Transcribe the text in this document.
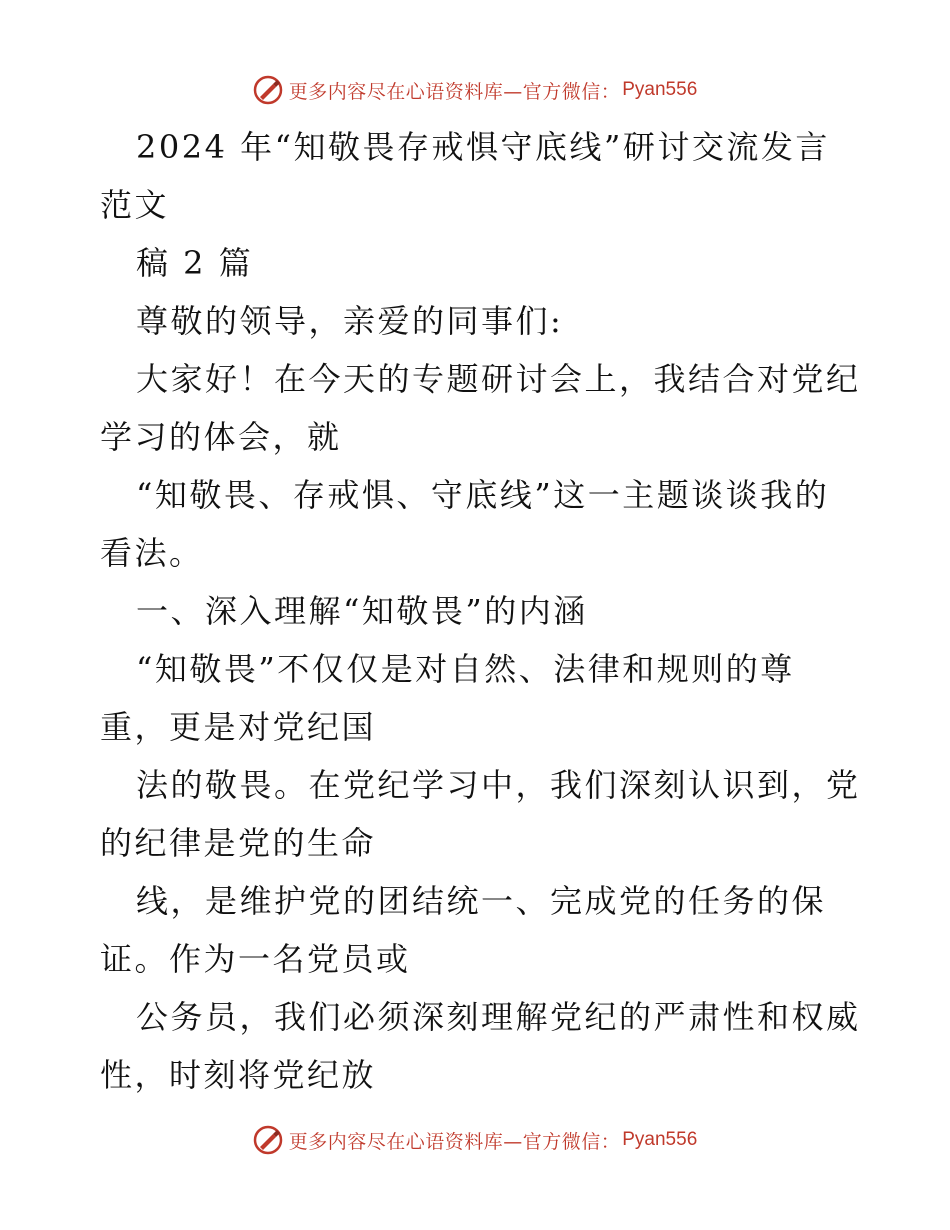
更多内容尽在心语资料库—官方微信： Pyan556

2024 年“知敬畏存戒惧守底线”研讨交流发言

范文

稿 2 篇

尊敬的领导，亲爱的同事们:

大家好！在今天的专题研讨会上，我结合对党纪

学习的体会，就

“知敬畏、存戒惧、守底线”这一主题谈谈我的

看法。

一、深入理解“知敬畏”的内涵

“知敬畏”不仅仅是对自然、法律和规则的尊

重，更是对党纪国

法的敬畏。在党纪学习中，我们深刻认识到，党

的纪律是党的生命

线，是维护党的团结统一、完成党的任务的保

证。作为一名党员或

公务员，我们必须深刻理解党纪的严肃性和权威

性，时刻将党纪放

更多内容尽在心语资料库—官方微信： Pyan556
